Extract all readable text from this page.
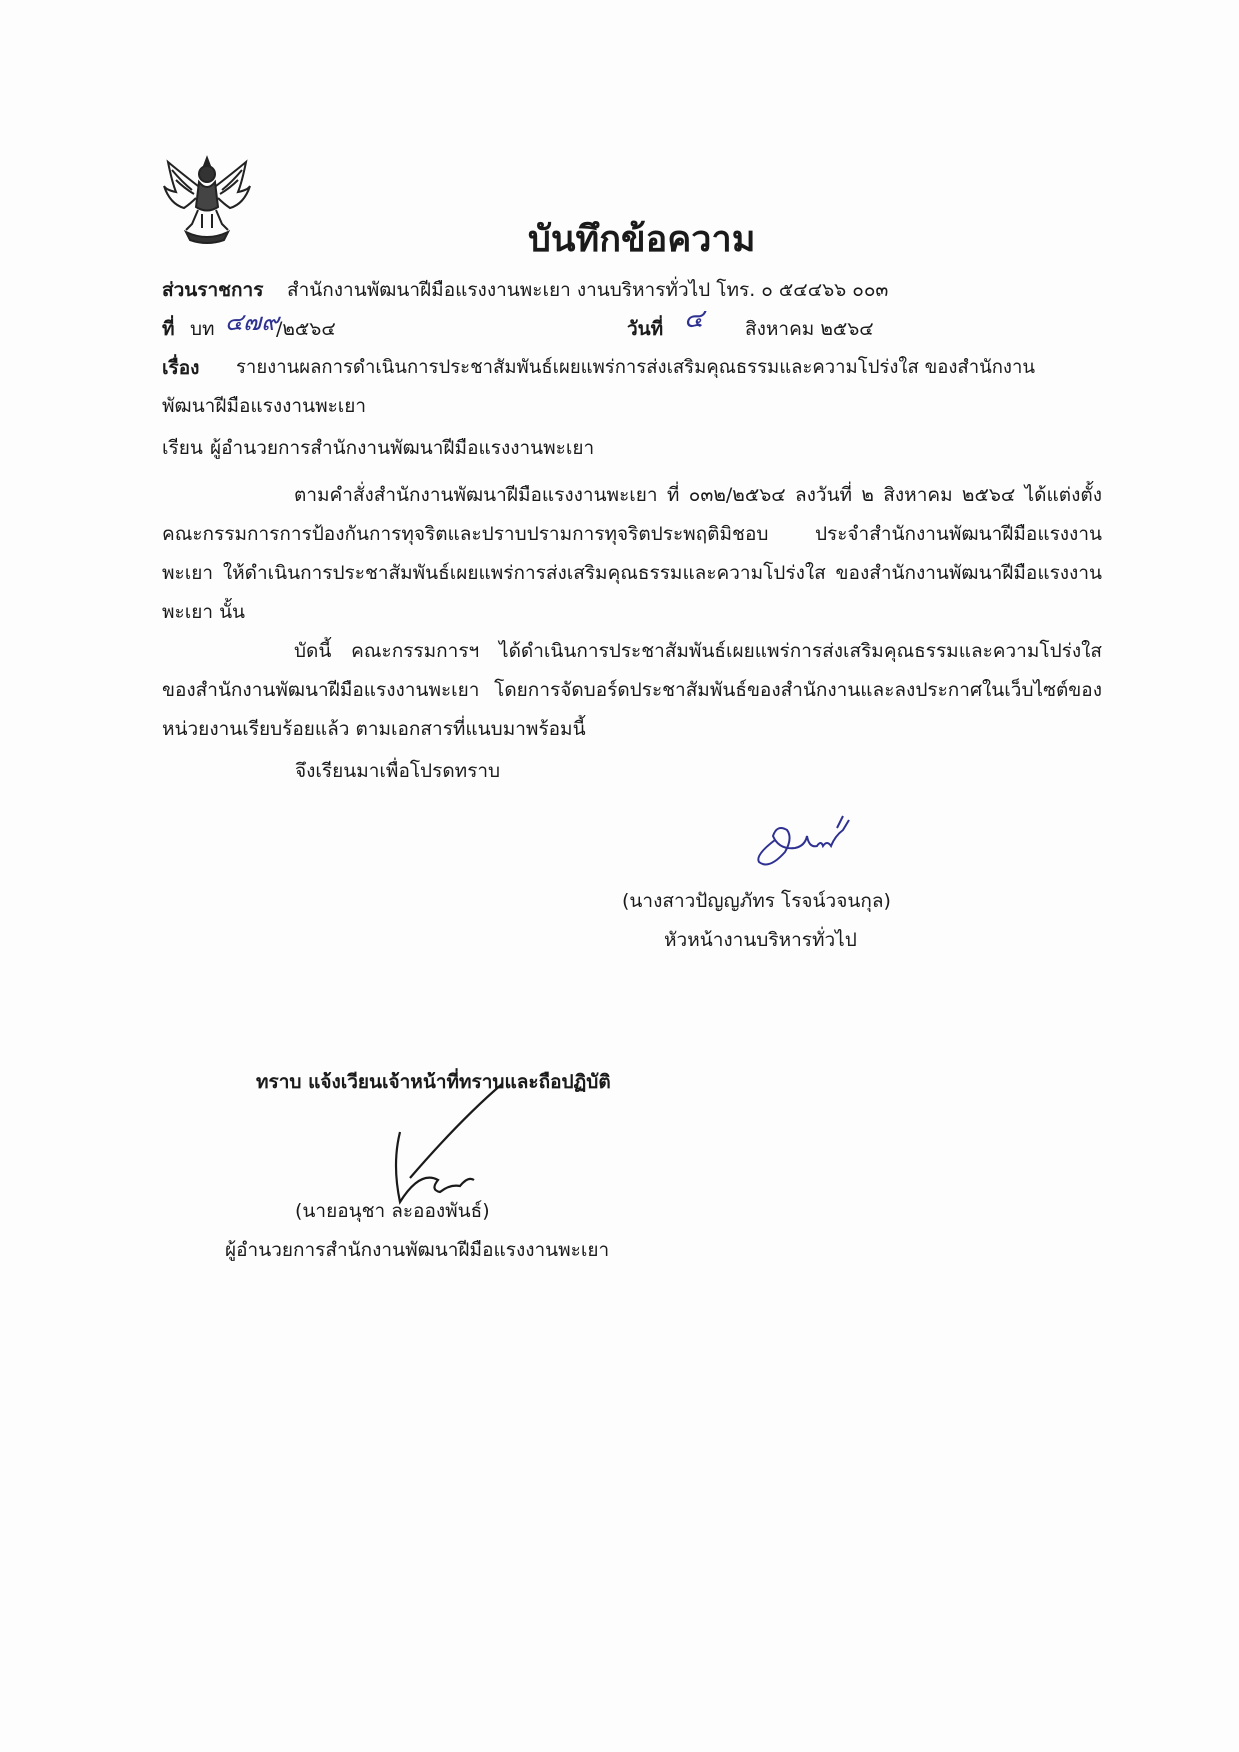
บันทึกข้อความ
ส่วนราชการ สำนักงานพัฒนาฝีมือแรงงานพะเยา งานบริหารทั่วไป โทร. ๐ ๕๔๔๖๖ ๐๐๓
ที่ บท ๔๗๙
/๒๕๖๔	วันที่ ๔ สิงหาคม ๒๕๖๔
เรื่อง รายงานผลการดำเนินการประชาสัมพันธ์เผยแพร่การส่งเสริมคุณธรรมและความโปร่งใส ของสำนักงาน
พัฒนาฝีมือแรงงานพะเยา
เรียน ผู้อำนวยการสำนักงานพัฒนาฝีมือแรงงานพะเยา
ตามคำสั่งสำนักงานพัฒนาฝีมือแรงงานพะเยา ที่ ๐๓๒/๒๕๖๔ ลงวันที่ ๒ สิงหาคม ๒๕๖๔ ได้แต่งตั้งคณะกรรมการการป้องกันการทุจริตและปราบปรามการทุจริตประพฤติมิชอบ ประจำสำนักงานพัฒนาฝีมือแรงงานพะเยา ให้ดำเนินการประชาสัมพันธ์เผยแพร่การส่งเสริมคุณธรรมและความโปร่งใส ของสำนักงานพัฒนาฝีมือแรงงานพะเยา นั้น
บัดนี้ คณะกรรมการฯ ได้ดำเนินการประชาสัมพันธ์เผยแพร่การส่งเสริมคุณธรรมและความโปร่งใส ของสำนักงานพัฒนาฝีมือแรงงานพะเยา โดยการจัดบอร์ดประชาสัมพันธ์ของสำนักงานและลงประกาศในเว็บไซต์ของหน่วยงานเรียบร้อยแล้ว ตามเอกสารที่แนบมาพร้อมนี้
จึงเรียนมาเพื่อโปรดทราบ
(นางสาวปัญญภัทร โรจน์วจนกุล)
หัวหน้างานบริหารทั่วไป
ทราบ แจ้งเวียนเจ้าหน้าที่ทราบและถือปฏิบัติ
(นายอนุชา ละอองพันธ์)
ผู้อำนวยการสำนักงานพัฒนาฝีมือแรงงานพะเยา
